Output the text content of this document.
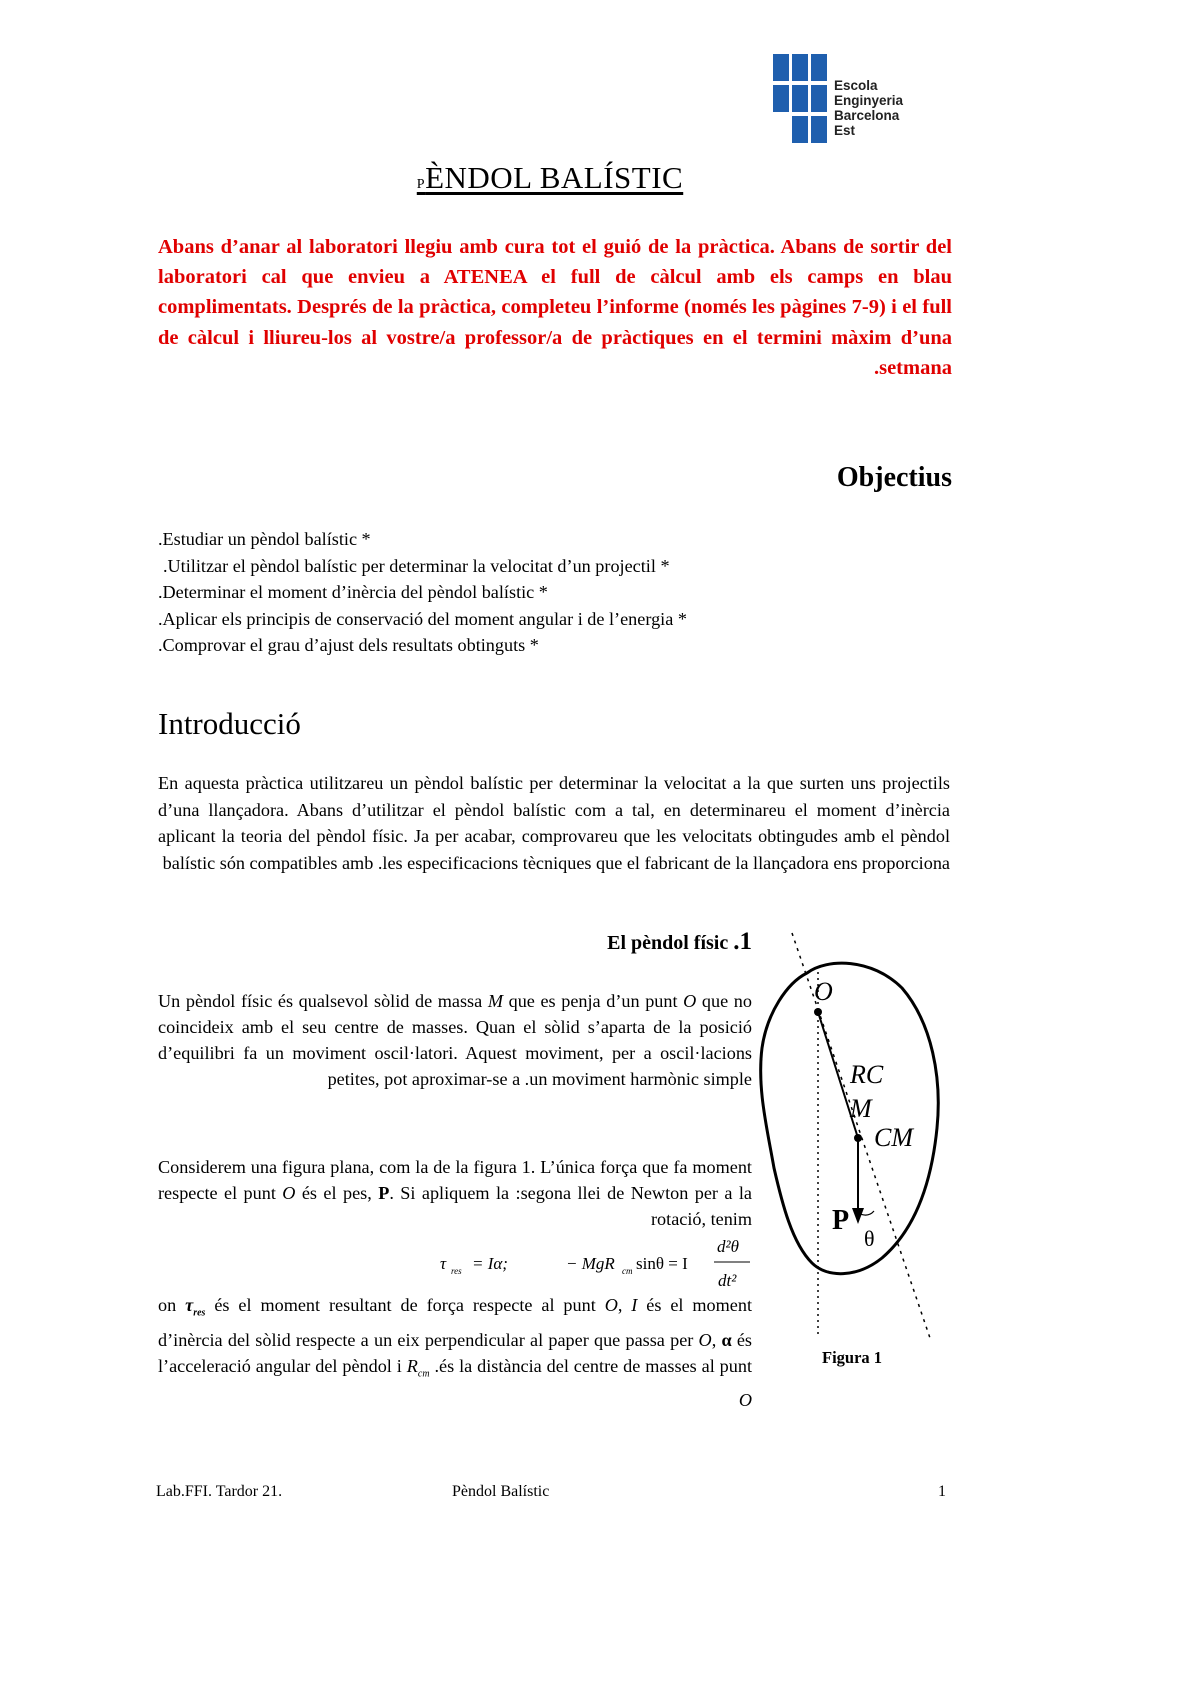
Escola
Enginyeria
Barcelona
Est
PÈNDOL BALÍSTIC
Abans d’anar al laboratori llegiu amb cura tot el guió de la pràctica. Abans de sortir del laboratori cal que envieu a ATENEA el full de càlcul amb els camps en blau complimentats. Després de la pràctica, completeu l’informe (només les pàgines 7-9) i el full de càlcul i lliureu-los al vostre/a professor/a de pràctiques en el termini màxim d’una .setmana
Objectius
.Estudiar un pèndol balístic *
.Utilitzar el pèndol balístic per determinar la velocitat d’un projectil *
.Determinar el moment d’inèrcia del pèndol balístic *
.Aplicar els principis de conservació del moment angular i de l’energia *
.Comprovar el grau d’ajust dels resultats obtinguts *
Introducció
En aquesta pràctica utilitzareu un pèndol balístic per determinar la velocitat a la que surten uns projectils d’una llançadora. Abans d’utilitzar el pèndol balístic com a tal, en determinareu el moment d’inèrcia aplicant la teoria del pèndol físic. Ja per acabar, comprovareu que les velocitats obtingudes amb el pèndol balístic són compatibles amb .les especificacions tècniques que el fabricant de la llançadora ens proporciona
El pèndol físic .1
Un pèndol físic és qualsevol sòlid de massa M que es penja d’un punt O que no coincideix amb el seu centre de masses. Quan el sòlid s’aparta de la posició d’equilibri fa un moviment oscil·latori. Aquest moviment, per a oscil·lacions petites, pot aproximar-se a .un moviment harmònic simple
Considerem una figura plana, com la de la figura 1. L’única força que fa moment respecte el punt O és el pes, P. Si apliquem la :segona llei de Newton per a la rotació, tenim
τ res = Iα;	− MgR cm sinθ = I
d²θ
dt²
on $\tau_{res}$ és el moment resultant de força respecte al punt O, I és el moment d’inèrcia del sòlid respecte a un eix perpendicular al paper que passa per O, α és l’acceleració angular del pèndol i $R_{cm}$ .és la distància del centre de masses al punt O
O
RC
M
CM
P
θ
Figura 1
Lab.FFI. Tardor 21.	Pèndol Balístic	1
